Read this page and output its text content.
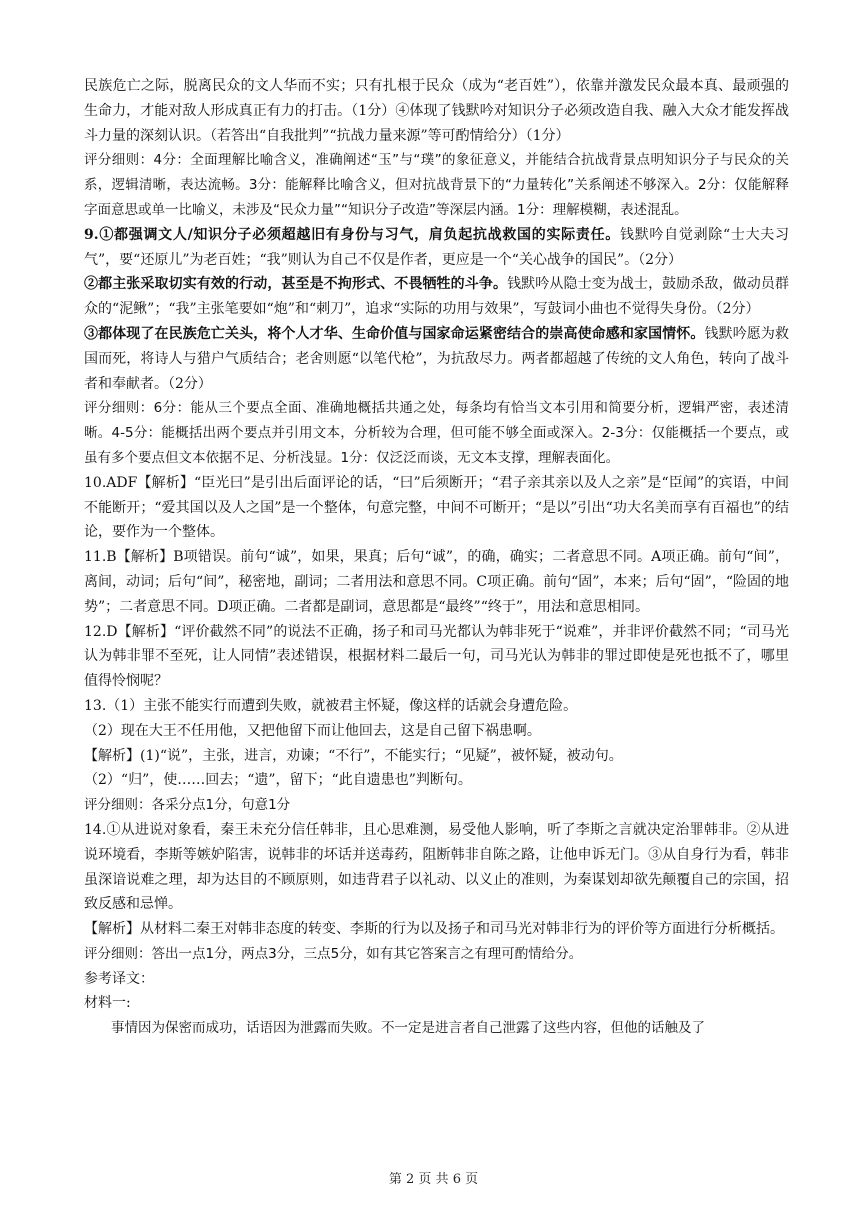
民族危亡之际，脱离民众的文人华而不实；只有扎根于民众（成为“老百姓”），依靠并激发民众最本真、最顽强的生命力，才能对敌人形成真正有力的打击。（1分）④体现了钱默吟对知识分子必须改造自我、融入大众才能发挥战斗力量的深刻认识。（若答出“自我批判”“抗战力量来源”等可酌情给分）（1分）

评分细则：4分：全面理解比喻含义，准确阐述“玉”与“璞”的象征意义，并能结合抗战背景点明知识分子与民众的关系，逻辑清晰，表达流畅。3分：能解释比喻含义，但对抗战背景下的“力量转化”关系阐述不够深入。2分：仅能解释字面意思或单一比喻义，未涉及“民众力量”“知识分子改造”等深层内涵。1分：理解模糊，表述混乱。

9.①都强调文人/知识分子必须超越旧有身份与习气，肩负起抗战救国的实际责任。钱默吟自觉剥除“士大夫习气”，要“还原儿”为老百姓；“我”则认为自己不仅是作者，更应是一个“关心战争的国民”。（2分）

②都主张采取切实有效的行动，甚至是不拘形式、不畏牺牲的斗争。钱默吟从隐士变为战士，鼓励杀敌，做动员群众的“泥鳅”；“我”主张笔要如“炮”和“刺刀”，追求“实际的功用与效果”，写鼓词小曲也不觉得失身份。（2分）

③都体现了在民族危亡关头，将个人才华、生命价值与国家命运紧密结合的崇高使命感和家国情怀。钱默吟愿为救国而死，将诗人与猎户气质结合；老舍则愿“以笔代枪”，为抗敌尽力。两者都超越了传统的文人角色，转向了战斗者和奉献者。（2分）

评分细则：6分：能从三个要点全面、准确地概括共通之处，每条均有恰当文本引用和简要分析，逻辑严密，表述清晰。4-5分：能概括出两个要点并引用文本，分析较为合理，但可能不够全面或深入。2-3分：仅能概括一个要点，或虽有多个要点但文本依据不足、分析浅显。1分：仅泛泛而谈，无文本支撑，理解表面化。

10.ADF【解析】“臣光曰”是引出后面评论的话，“曰”后须断开；“君子亲其亲以及人之亲”是“臣闻”的宾语，中间不能断开；“爱其国以及人之国”是一个整体，句意完整，中间不可断开；“是以”引出“功大名美而享有百福也”的结论，要作为一个整体。

11.B【解析】B项错误。前句“诚”，如果，果真；后句“诚”，的确，确实；二者意思不同。A项正确。前句“间”，离间，动词；后句“间”，秘密地，副词；二者用法和意思不同。C项正确。前句“固”，本来；后句“固”，“险固的地势”；二者意思不同。D项正确。二者都是副词，意思都是“最终”“终于”，用法和意思相同。

12.D【解析】“评价截然不同”的说法不正确，扬子和司马光都认为韩非死于“说难”，并非评价截然不同；“司马光认为韩非罪不至死，让人同情”表述错误，根据材料二最后一句，司马光认为韩非的罪过即使是死也抵不了，哪里值得怜悯呢？

13.（1）主张不能实行而遭到失败，就被君主怀疑，像这样的话就会身遭危险。

（2）现在大王不任用他，又把他留下而让他回去，这是自己留下祸患啊。

【解析】(1)“说”，主张，进言，劝谏；“不行”，不能实行；“见疑”，被怀疑，被动句。

（2）“归”，使……回去；“遗”，留下；“此自遗患也”判断句。

评分细则：各采分点1分，句意1分

14.①从进说对象看，秦王未充分信任韩非，且心思难测，易受他人影响，听了李斯之言就决定治罪韩非。②从进说环境看，李斯等嫉妒陷害，说韩非的坏话并送毒药，阻断韩非自陈之路，让他申诉无门。③从自身行为看，韩非虽深谙说难之理，却为达目的不顾原则，如违背君子以礼动、以义止的准则，为秦谋划却欲先颠覆自己的宗国，招致反感和忌惮。

【解析】从材料二秦王对韩非态度的转变、李斯的行为以及扬子和司马光对韩非行为的评价等方面进行分析概括。

评分细则：答出一点1分，两点3分，三点5分，如有其它答案言之有理可酌情给分。

参考译文：

材料一:

事情因为保密而成功，话语因为泄露而失败。不一定是进言者自己泄露了这些内容，但他的话触及了

第 2 页 共 6 页
